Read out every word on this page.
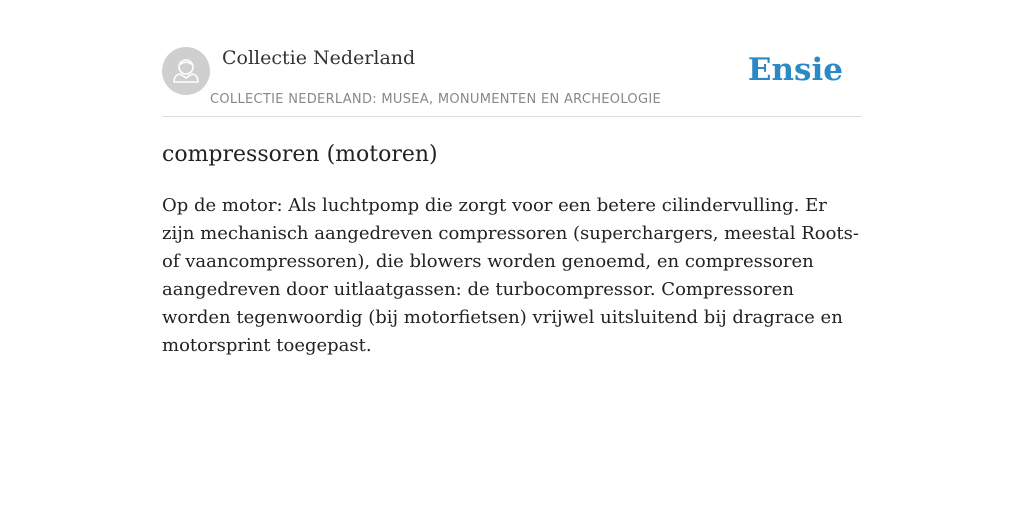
Collectie Nederland
COLLECTIE NEDERLAND: MUSEA, MONUMENTEN EN ARCHEOLOGIE
Ensie
compressoren (motoren)

Op de motor: Als luchtpomp die zorgt voor een betere cilindervulling. Er zijn mechanisch aangedreven compressoren (superchargers, meestal Roots- of vaancompressoren), die blowers worden genoemd, en compressoren aangedreven door uitlaatgassen: de turbocompressor. Compressoren worden tegenwoordig (bij motorfietsen) vrijwel uitsluitend bij dragrace en motorsprint toegepast.
